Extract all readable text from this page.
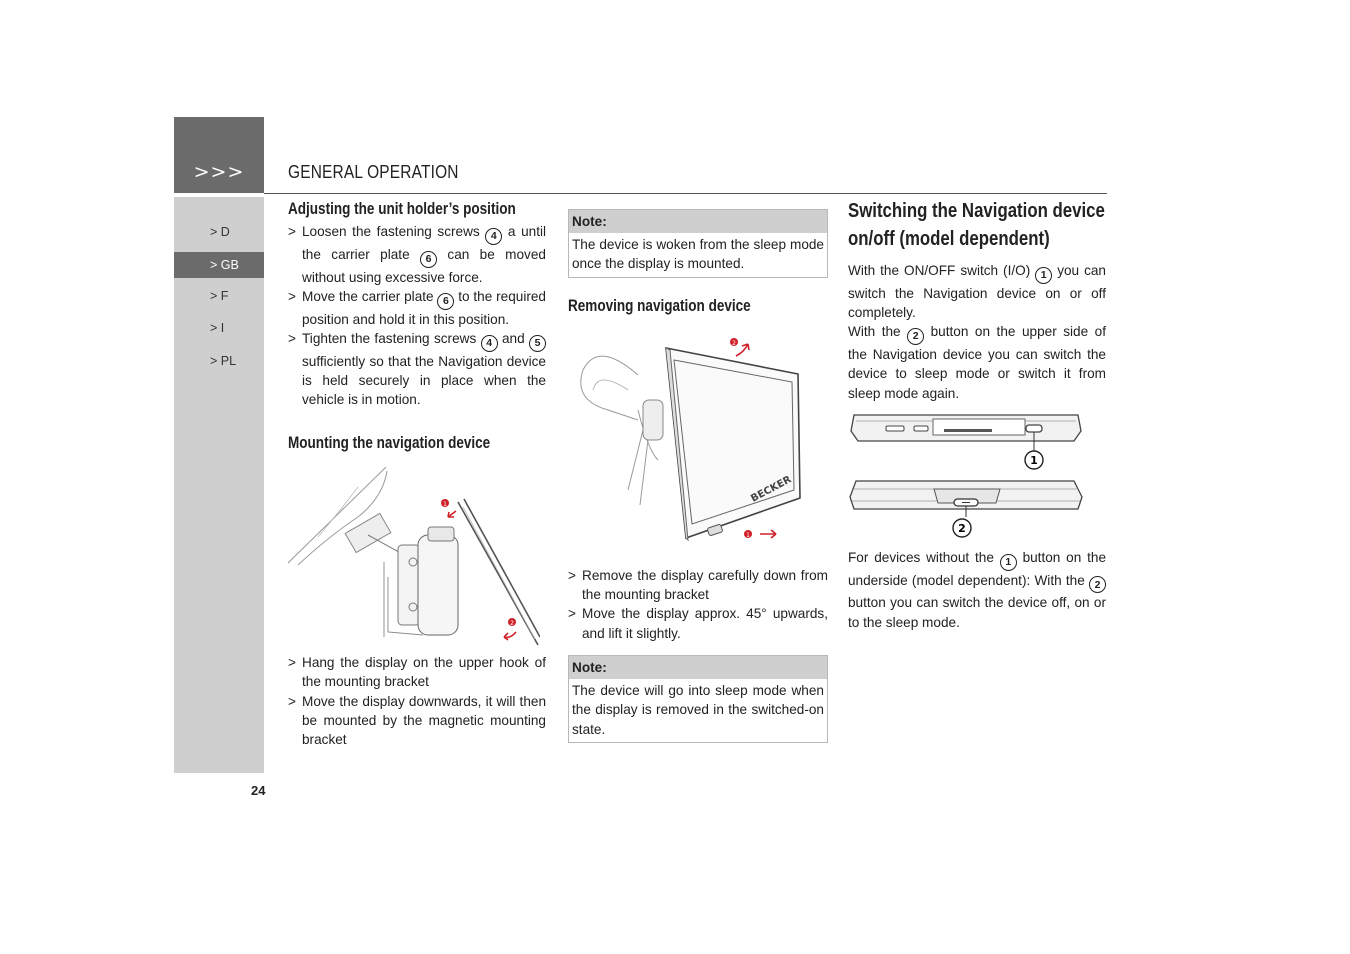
>>>
> D
> GB
> F
> I
> PL
24
GENERAL OPERATION
Adjusting the unit holder’s position
> Loosen the fastening screws 4 a until the carrier plate 6 can be moved without using excessive force.
> Move the carrier plate 6 to the required position and hold it in this position.
> Tighten the fastening screws 4 and 5 sufficiently so that the Navigation device is held securely in place when the vehicle is in motion.
Mounting the navigation device
1
2
> Hang the display on the upper hook of the mounting bracket
> Move the display downwards, it will then be mounted by the magnetic mounting bracket
Note:
The device is woken from the sleep mode once the display is mounted.
Removing navigation device
BECKER
2
1
> Remove the display carefully down from the mounting bracket
> Move the display approx. 45° upwards, and lift it slightly.
Note:
The device will go into sleep mode when the display is removed in the switched-on state.
Switching the Navigation device
on/off (model dependent)
With the ON/OFF switch (I/O) 1 you can switch the Navigation device on or off completely.
With the 2 button on the upper side of the Navigation device you can switch the device to sleep mode or switch it from sleep mode again.
1
2
For devices without the 1 button on the underside (model dependent): With the 2 button you can switch the device off, on or to the sleep mode.
